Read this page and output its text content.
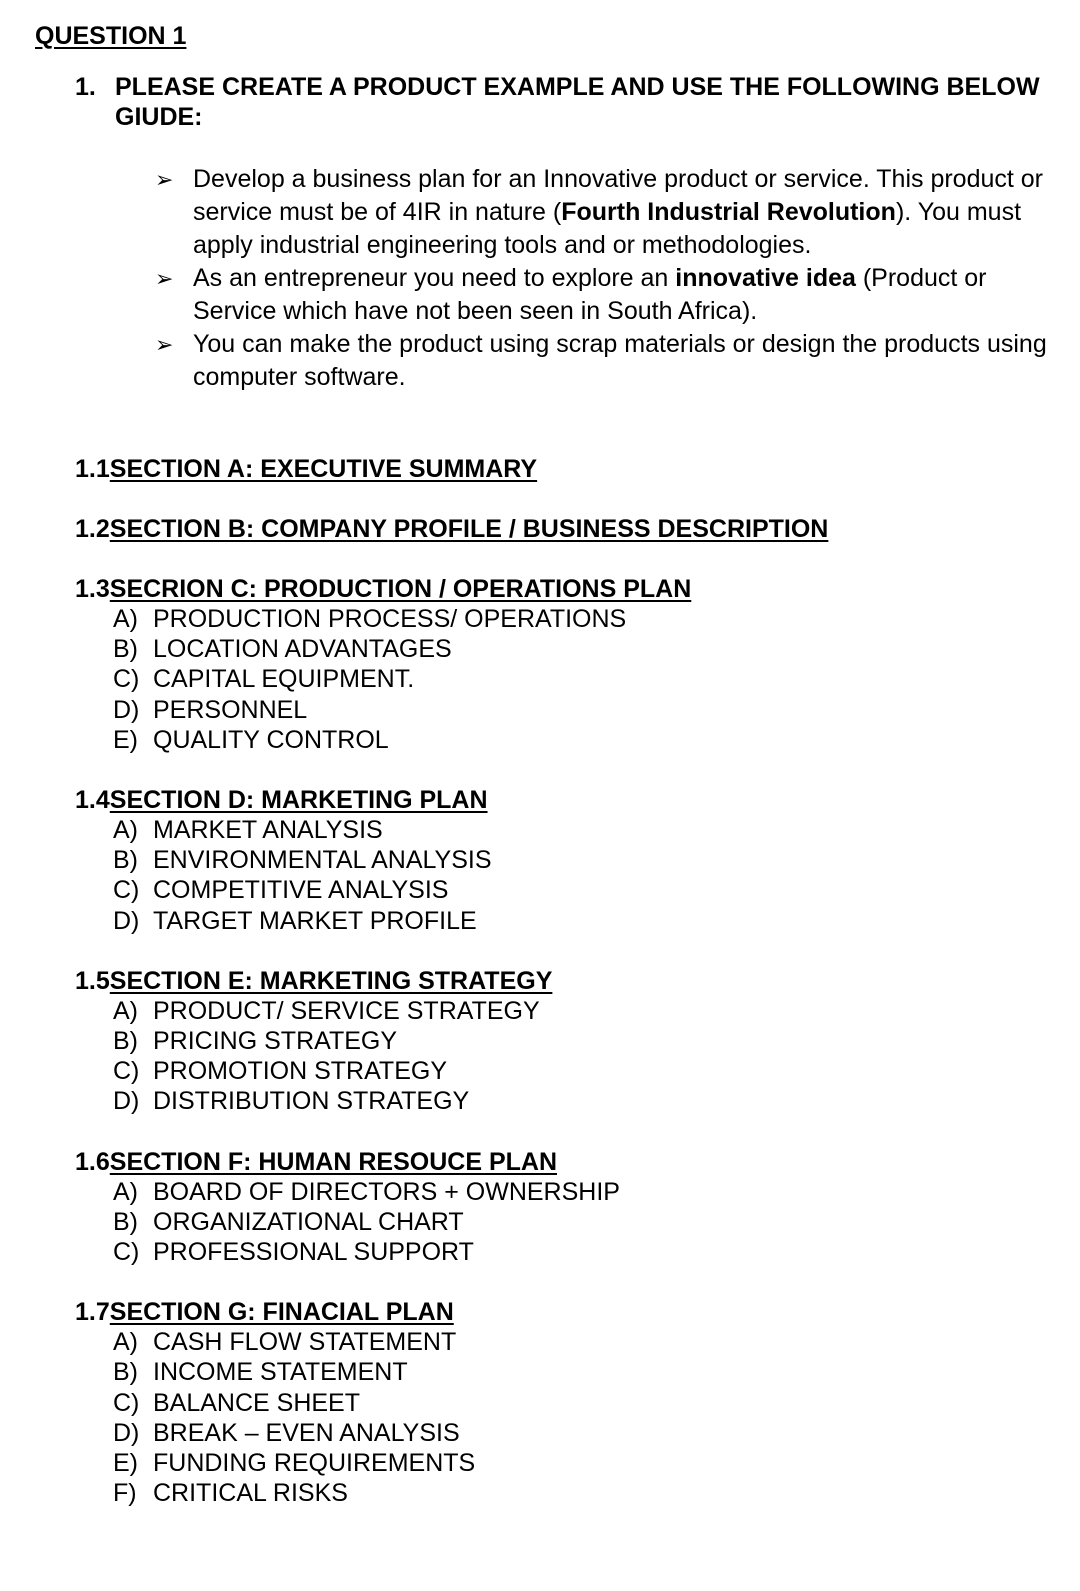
QUESTION 1
1. PLEASE CREATE A PRODUCT EXAMPLE AND USE THE FOLLOWING BELOW GIUDE:
➢ Develop a business plan for an Innovative product or service. This product or service must be of 4IR in nature (Fourth Industrial Revolution). You must apply industrial engineering tools and or methodologies.
➢ As an entrepreneur you need to explore an innovative idea (Product or Service which have not been seen in South Africa).
➢ You can make the product using scrap materials or design the products using computer software.
1.1SECTION A: EXECUTIVE SUMMARY
1.2SECTION B: COMPANY PROFILE / BUSINESS DESCRIPTION
1.3SECRION C: PRODUCTION / OPERATIONS PLAN
A) PRODUCTION PROCESS/ OPERATIONS
B) LOCATION ADVANTAGES
C) CAPITAL EQUIPMENT.
D) PERSONNEL
E) QUALITY CONTROL
1.4SECTION D: MARKETING PLAN
A) MARKET ANALYSIS
B) ENVIRONMENTAL ANALYSIS
C) COMPETITIVE ANALYSIS
D) TARGET MARKET PROFILE
1.5SECTION E: MARKETING STRATEGY
A) PRODUCT/ SERVICE STRATEGY
B) PRICING STRATEGY
C) PROMOTION STRATEGY
D) DISTRIBUTION STRATEGY
1.6SECTION F: HUMAN RESOUCE PLAN
A) BOARD OF DIRECTORS + OWNERSHIP
B) ORGANIZATIONAL CHART
C) PROFESSIONAL SUPPORT
1.7SECTION G: FINACIAL PLAN
A) CASH FLOW STATEMENT
B) INCOME STATEMENT
C) BALANCE SHEET
D) BREAK – EVEN ANALYSIS
E) FUNDING REQUIREMENTS
F) CRITICAL RISKS
